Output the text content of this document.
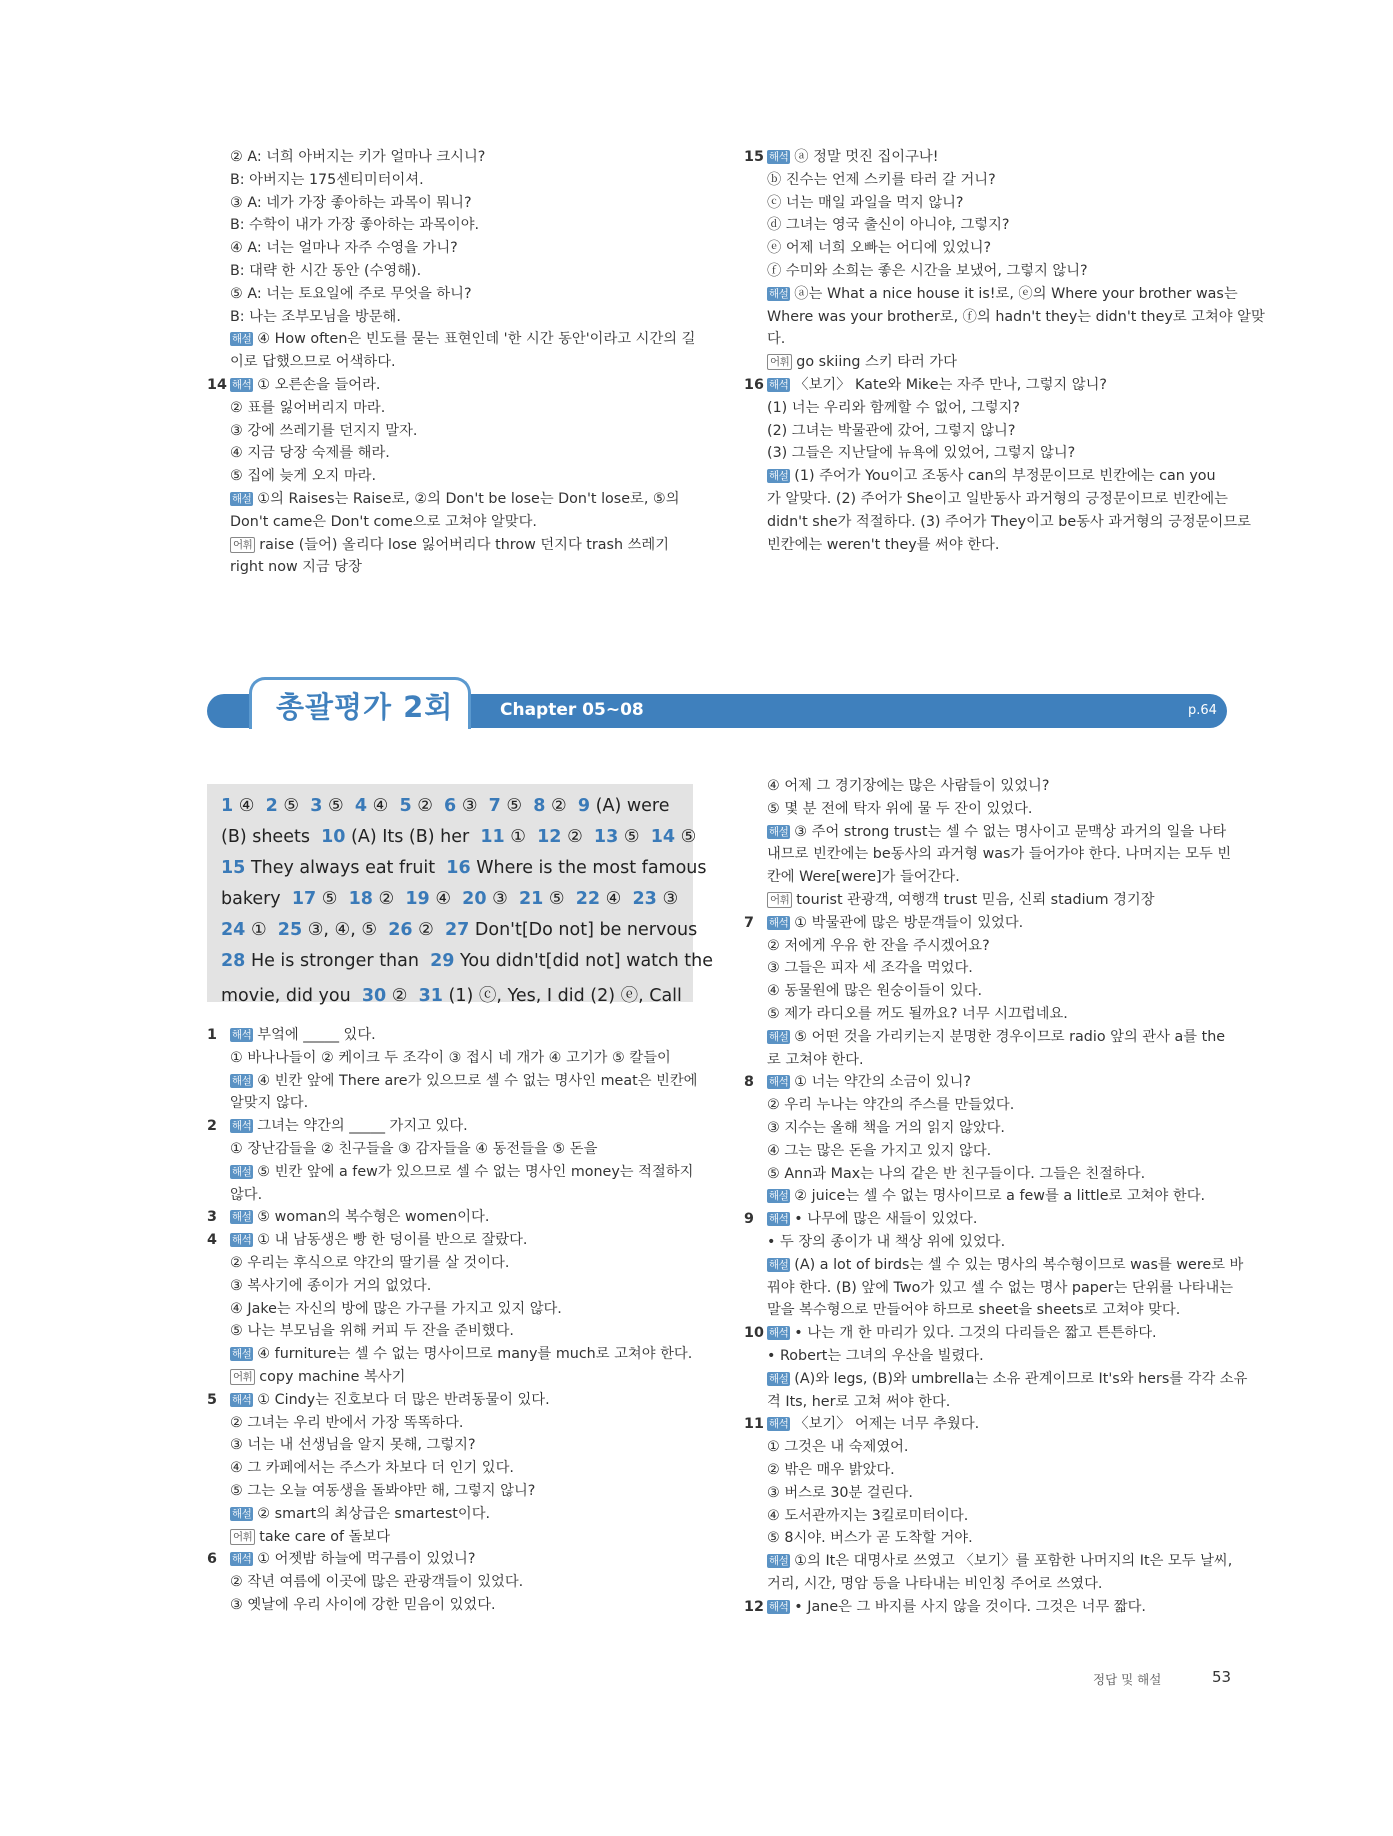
② A: 너희 아버지는 키가 얼마나 크시니?
B: 아버지는 175센티미터이셔.
③ A: 네가 가장 좋아하는 과목이 뭐니?
B: 수학이 내가 가장 좋아하는 과목이야.
④ A: 너는 얼마나 자주 수영을 가니?
B: 대략 한 시간 동안 (수영해).
⑤ A: 너는 토요일에 주로 무엇을 하니?
B: 나는 조부모님을 방문해.
해설 ④ How often은 빈도를 묻는 표현인데 '한 시간 동안'이라고 시간의 길
이로 답했으므로 어색하다.
14 해석 ① 오른손을 들어라.
② 표를 잃어버리지 마라.
③ 강에 쓰레기를 던지지 말자.
④ 지금 당장 숙제를 해라.
⑤ 집에 늦게 오지 마라.
해설 ①의 Raises는 Raise로, ②의 Don't be lose는 Don't lose로, ⑤의
Don't came은 Don't come으로 고쳐야 알맞다.
어휘 raise (들어) 올리다 lose 잃어버리다 throw 던지다 trash 쓰레기
right now 지금 당장
15 해석 ⓐ 정말 멋진 집이구나!
ⓑ 진수는 언제 스키를 타러 갈 거니?
ⓒ 너는 매일 과일을 먹지 않니?
ⓓ 그녀는 영국 출신이 아니야, 그렇지?
ⓔ 어제 너희 오빠는 어디에 있었니?
ⓕ 수미와 소희는 좋은 시간을 보냈어, 그렇지 않니?
해설 ⓐ는 What a nice house it is!로, ⓔ의 Where your brother was는
Where was your brother로, ⓕ의 hadn't they는 didn't they로 고쳐야 알맞
다.
어휘 go skiing 스키 타러 가다
16 해석 〈보기〉 Kate와 Mike는 자주 만나, 그렇지 않니?
(1) 너는 우리와 함께할 수 없어, 그렇지?
(2) 그녀는 박물관에 갔어, 그렇지 않니?
(3) 그들은 지난달에 뉴욕에 있었어, 그렇지 않니?
해설 (1) 주어가 You이고 조동사 can의 부정문이므로 빈칸에는 can you
가 알맞다. (2) 주어가 She이고 일반동사 과거형의 긍정문이므로 빈칸에는
didn't she가 적절하다. (3) 주어가 They이고 be동사 과거형의 긍정문이므로
빈칸에는 weren't they를 써야 한다.
총괄평가 2회	Chapter 05~08	p.64
1 ④ 2 ⑤ 3 ⑤ 4 ④ 5 ② 6 ③ 7 ⑤ 8 ② 9 (A) were
(B) sheets 10 (A) Its (B) her 11 ① 12 ② 13 ⑤ 14 ⑤
15 They always eat fruit 16 Where is the most famous
bakery 17 ⑤ 18 ② 19 ④ 20 ③ 21 ⑤ 22 ④ 23 ③
24 ① 25 ③, ④, ⑤ 26 ② 27 Don't[Do not] be nervous
28 He is stronger than 29 You didn't[did not] watch the
movie, did you 30 ② 31 (1) ⓒ, Yes, I did (2) ⓔ, Call
1 해석 부엌에 _____ 있다.
① 바나나들이 ② 케이크 두 조각이 ③ 접시 네 개가 ④ 고기가 ⑤ 칼들이
해설 ④ 빈칸 앞에 There are가 있으므로 셀 수 없는 명사인 meat은 빈칸에
알맞지 않다.
2 해석 그녀는 약간의 _____ 가지고 있다.
① 장난감들을 ② 친구들을 ③ 감자들을 ④ 동전들을 ⑤ 돈을
해설 ⑤ 빈칸 앞에 a few가 있으므로 셀 수 없는 명사인 money는 적절하지
않다.
3 해설 ⑤ woman의 복수형은 women이다.
4 해석 ① 내 남동생은 빵 한 덩이를 반으로 잘랐다.
② 우리는 후식으로 약간의 딸기를 살 것이다.
③ 복사기에 종이가 거의 없었다.
④ Jake는 자신의 방에 많은 가구를 가지고 있지 않다.
⑤ 나는 부모님을 위해 커피 두 잔을 준비했다.
해설 ④ furniture는 셀 수 없는 명사이므로 many를 much로 고쳐야 한다.
어휘 copy machine 복사기
5 해석 ① Cindy는 진호보다 더 많은 반려동물이 있다.
② 그녀는 우리 반에서 가장 똑똑하다.
③ 너는 내 선생님을 알지 못해, 그렇지?
④ 그 카페에서는 주스가 차보다 더 인기 있다.
⑤ 그는 오늘 여동생을 돌봐야만 해, 그렇지 않니?
해설 ② smart의 최상급은 smartest이다.
어휘 take care of 돌보다
6 해석 ① 어젯밤 하늘에 먹구름이 있었니?
② 작년 여름에 이곳에 많은 관광객들이 있었다.
③ 옛날에 우리 사이에 강한 믿음이 있었다.
④ 어제 그 경기장에는 많은 사람들이 있었니?
⑤ 몇 분 전에 탁자 위에 물 두 잔이 있었다.
해설 ③ 주어 strong trust는 셀 수 없는 명사이고 문맥상 과거의 일을 나타
내므로 빈칸에는 be동사의 과거형 was가 들어가야 한다. 나머지는 모두 빈
칸에 Were[were]가 들어간다.
어휘 tourist 관광객, 여행객 trust 믿음, 신뢰 stadium 경기장
7 해석 ① 박물관에 많은 방문객들이 있었다.
② 저에게 우유 한 잔을 주시겠어요?
③ 그들은 피자 세 조각을 먹었다.
④ 동물원에 많은 원숭이들이 있다.
⑤ 제가 라디오를 꺼도 될까요? 너무 시끄럽네요.
해설 ⑤ 어떤 것을 가리키는지 분명한 경우이므로 radio 앞의 관사 a를 the
로 고쳐야 한다.
8 해석 ① 너는 약간의 소금이 있니?
② 우리 누나는 약간의 주스를 만들었다.
③ 지수는 올해 책을 거의 읽지 않았다.
④ 그는 많은 돈을 가지고 있지 않다.
⑤ Ann과 Max는 나의 같은 반 친구들이다. 그들은 친절하다.
해설 ② juice는 셀 수 없는 명사이므로 a few를 a little로 고쳐야 한다.
9 해석 • 나무에 많은 새들이 있었다.
• 두 장의 종이가 내 책상 위에 있었다.
해설 (A) a lot of birds는 셀 수 있는 명사의 복수형이므로 was를 were로 바
꿔야 한다. (B) 앞에 Two가 있고 셀 수 없는 명사 paper는 단위를 나타내는
말을 복수형으로 만들어야 하므로 sheet을 sheets로 고쳐야 맞다.
10 해석 • 나는 개 한 마리가 있다. 그것의 다리들은 짧고 튼튼하다.
• Robert는 그녀의 우산을 빌렸다.
해설 (A)와 legs, (B)와 umbrella는 소유 관계이므로 It's와 hers를 각각 소유
격 Its, her로 고쳐 써야 한다.
11 해석 〈보기〉 어제는 너무 추웠다.
① 그것은 내 숙제였어.
② 밖은 매우 밝았다.
③ 버스로 30분 걸린다.
④ 도서관까지는 3킬로미터이다.
⑤ 8시야. 버스가 곧 도착할 거야.
해설 ①의 It은 대명사로 쓰였고 〈보기〉를 포함한 나머지의 It은 모두 날씨,
거리, 시간, 명암 등을 나타내는 비인칭 주어로 쓰였다.
12 해석 • Jane은 그 바지를 사지 않을 것이다. 그것은 너무 짧다.
정답 및 해설	53
